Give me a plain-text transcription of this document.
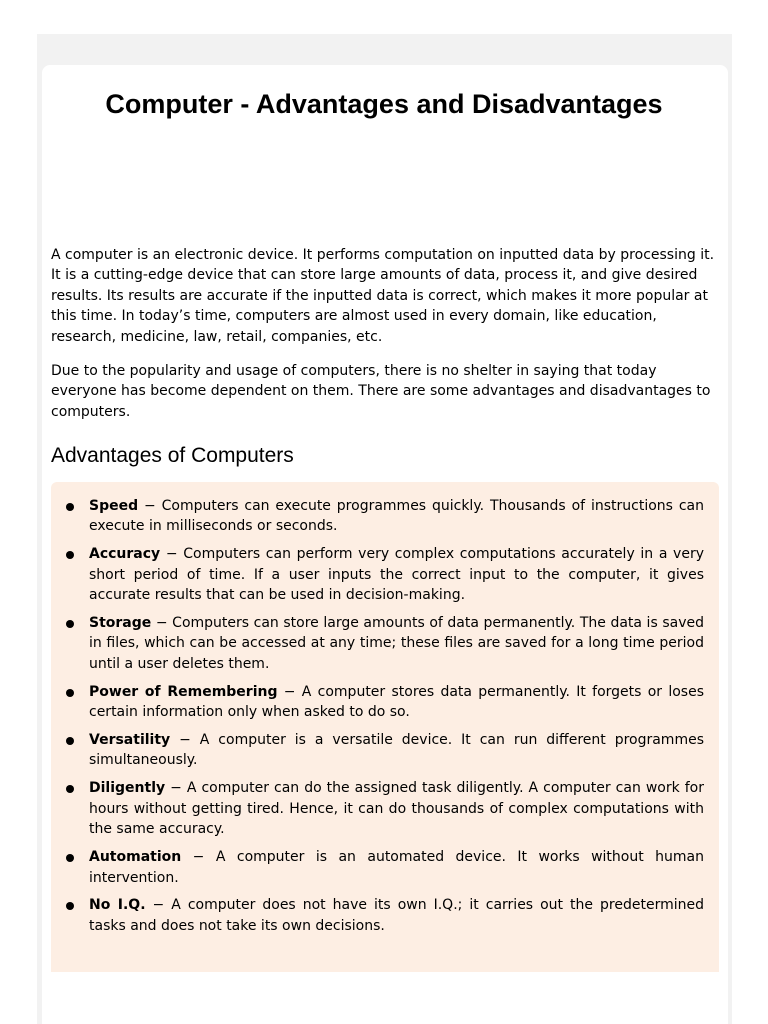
Computer - Advantages and Disadvantages

A computer is an electronic device. It performs computation on inputted data by processing it. It is a cutting-edge device that can store large amounts of data, process it, and give desired results. Its results are accurate if the inputted data is correct, which makes it more popular at this time. In today’s time, computers are almost used in every domain, like education, research, medicine, law, retail, companies, etc.

Due to the popularity and usage of computers, there is no shelter in saying that today everyone has become dependent on them. There are some advantages and disadvantages to computers.

Advantages of Computers
Speed − Computers can execute programmes quickly. Thousands of instructions can execute in milliseconds or seconds.
Accuracy − Computers can perform very complex computations accurately in a very short period of time. If a user inputs the correct input to the computer, it gives accurate results that can be used in decision-making.
Storage − Computers can store large amounts of data permanently. The data is saved in files, which can be accessed at any time; these files are saved for a long time period until a user deletes them.
Power of Remembering − A computer stores data permanently. It forgets or loses certain information only when asked to do so.
Versatility − A computer is a versatile device. It can run different programmes simultaneously.
Diligently − A computer can do the assigned task diligently. A computer can work for hours without getting tired. Hence, it can do thousands of complex computations with the same accuracy.
Automation − A computer is an automated device. It works without human intervention.
No I.Q. − A computer does not have its own I.Q.; it carries out the predetermined tasks and does not take its own decisions.
